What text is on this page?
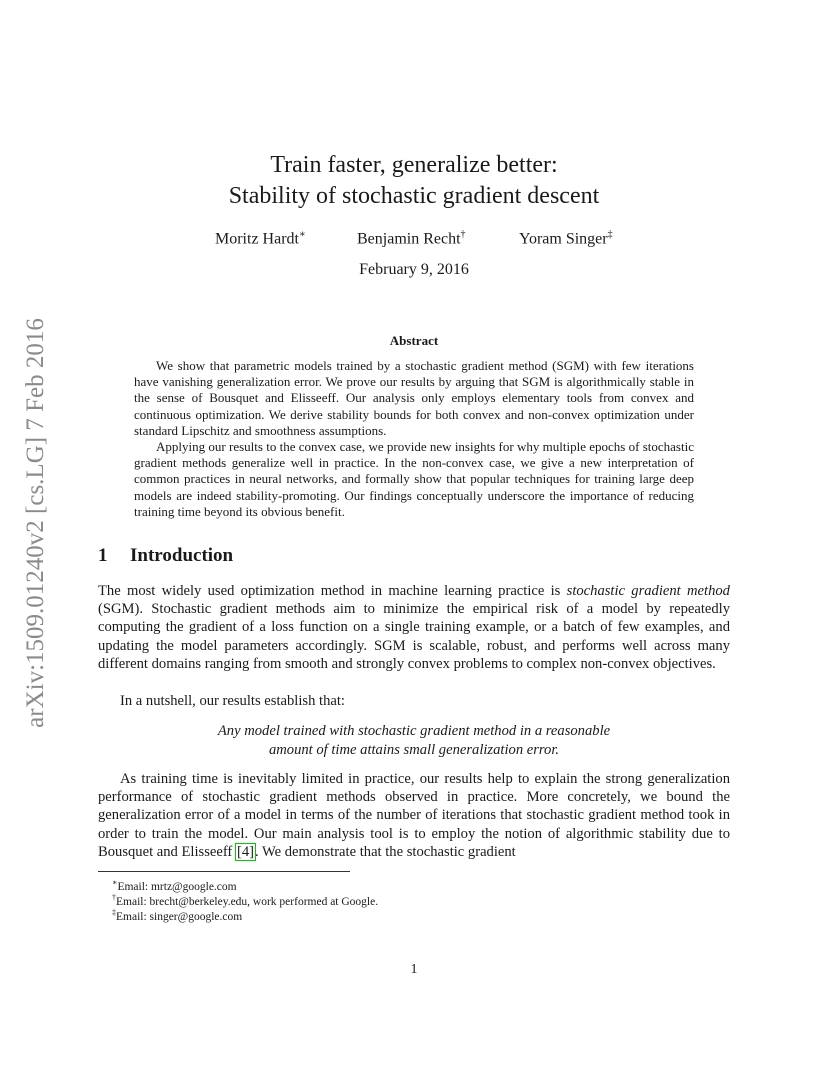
arXiv:1509.01240v2 [cs.LG] 7 Feb 2016
Train faster, generalize better:
Stability of stochastic gradient descent
Moritz Hardt∗	Benjamin Recht†	Yoram Singer‡
February 9, 2016
Abstract
We show that parametric models trained by a stochastic gradient method (SGM) with few iterations have vanishing generalization error. We prove our results by arguing that SGM is algorithmically stable in the sense of Bousquet and Elisseeff. Our analysis only employs elementary tools from convex and continuous optimization. We derive stability bounds for both convex and non-convex optimization under standard Lipschitz and smoothness assumptions.
Applying our results to the convex case, we provide new insights for why multiple epochs of stochastic gradient methods generalize well in practice. In the non-convex case, we give a new interpretation of common practices in neural networks, and formally show that popular techniques for training large deep models are indeed stability-promoting. Our findings conceptually underscore the importance of reducing training time beyond its obvious benefit.
1 Introduction
The most widely used optimization method in machine learning practice is stochastic gradient method (SGM). Stochastic gradient methods aim to minimize the empirical risk of a model by repeatedly computing the gradient of a loss function on a single training example, or a batch of few examples, and updating the model parameters accordingly. SGM is scalable, robust, and performs well across many different domains ranging from smooth and strongly convex problems to complex non-convex objectives.
In a nutshell, our results establish that:
Any model trained with stochastic gradient method in a reasonable
amount of time attains small generalization error.
As training time is inevitably limited in practice, our results help to explain the strong generalization performance of stochastic gradient methods observed in practice. More concretely, we bound the generalization error of a model in terms of the number of iterations that stochastic gradient method took in order to train the model. Our main analysis tool is to employ the notion of algorithmic stability due to Bousquet and Elisseeff [4]. We demonstrate that the stochastic gradient
∗Email: mrtz@google.com
†Email: brecht@berkeley.edu, work performed at Google.
‡Email: singer@google.com
1
